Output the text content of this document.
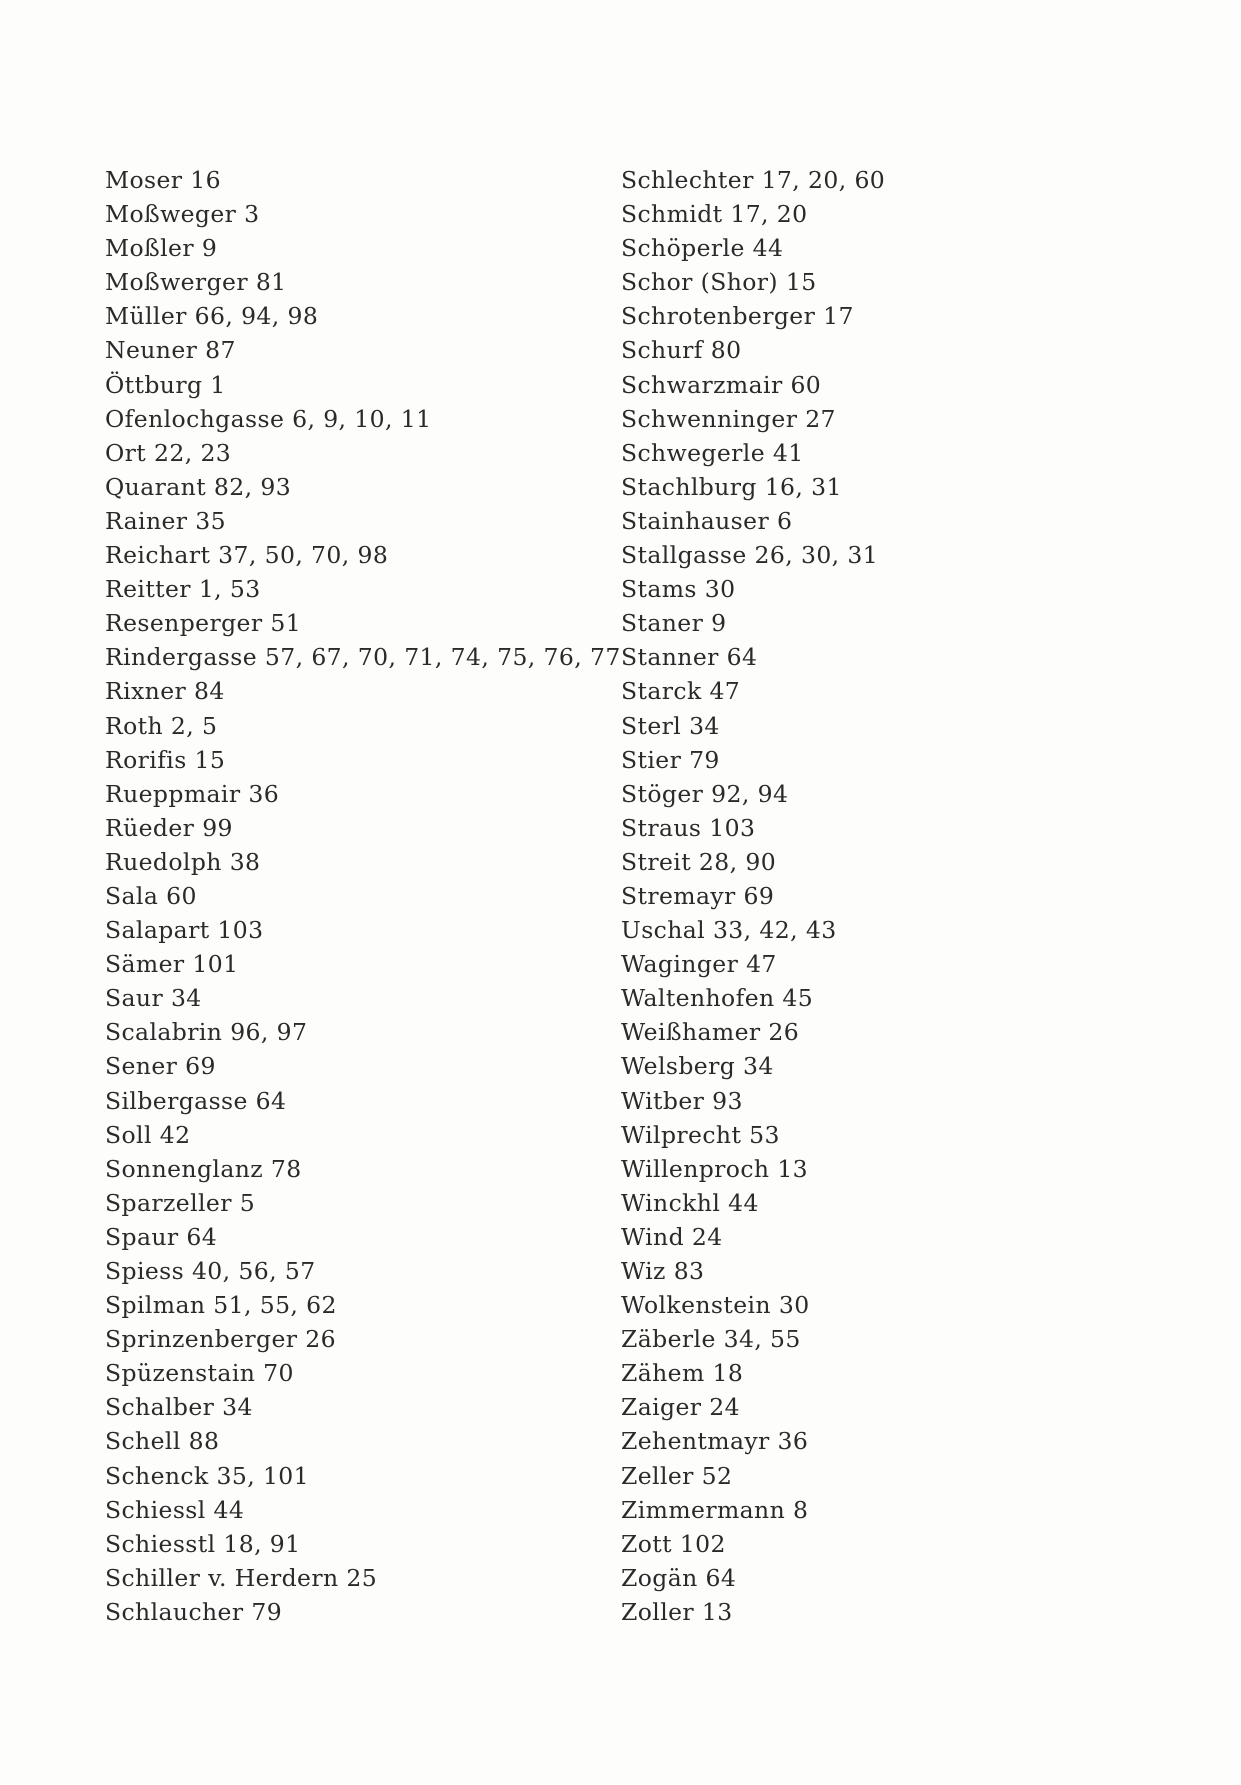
Moser 16
Moßweger 3
Moßler 9
Moßwerger 81
Müller 66, 94, 98
Neuner 87
Öttburg 1
Ofenlochgasse 6, 9, 10, 11
Ort 22, 23
Quarant 82, 93
Rainer 35
Reichart 37, 50, 70, 98
Reitter 1, 53
Resenperger 51
Rindergasse 57, 67, 70, 71, 74, 75, 76, 77
Rixner 84
Roth 2, 5
Rorifis 15
Rueppmair 36
Rüeder 99
Ruedolph 38
Sala 60
Salapart 103
Sämer 101
Saur 34
Scalabrin 96, 97
Sener 69
Silbergasse 64
Soll 42
Sonnenglanz 78
Sparzeller 5
Spaur 64
Spiess 40, 56, 57
Spilman 51, 55, 62
Sprinzenberger 26
Spüzenstain 70
Schalber 34
Schell 88
Schenck 35, 101
Schiessl 44
Schiesstl 18, 91
Schiller v. Herdern 25
Schlaucher 79
Schlechter 17, 20, 60
Schmidt 17, 20
Schöperle 44
Schor (Shor) 15
Schrotenberger 17
Schurf 80
Schwarzmair 60
Schwenninger 27
Schwegerle 41
Stachlburg 16, 31
Stainhauser 6
Stallgasse 26, 30, 31
Stams 30
Staner 9
Stanner 64
Starck 47
Sterl 34
Stier 79
Stöger 92, 94
Straus 103
Streit 28, 90
Stremayr 69
Uschal 33, 42, 43
Waginger 47
Waltenhofen 45
Weißhamer 26
Welsberg 34
Witber 93
Wilprecht 53
Willenproch 13
Winckhl 44
Wind 24
Wiz 83
Wolkenstein 30
Zäberle 34, 55
Zähem 18
Zaiger 24
Zehentmayr 36
Zeller 52
Zimmermann 8
Zott 102
Zogän 64
Zoller 13
